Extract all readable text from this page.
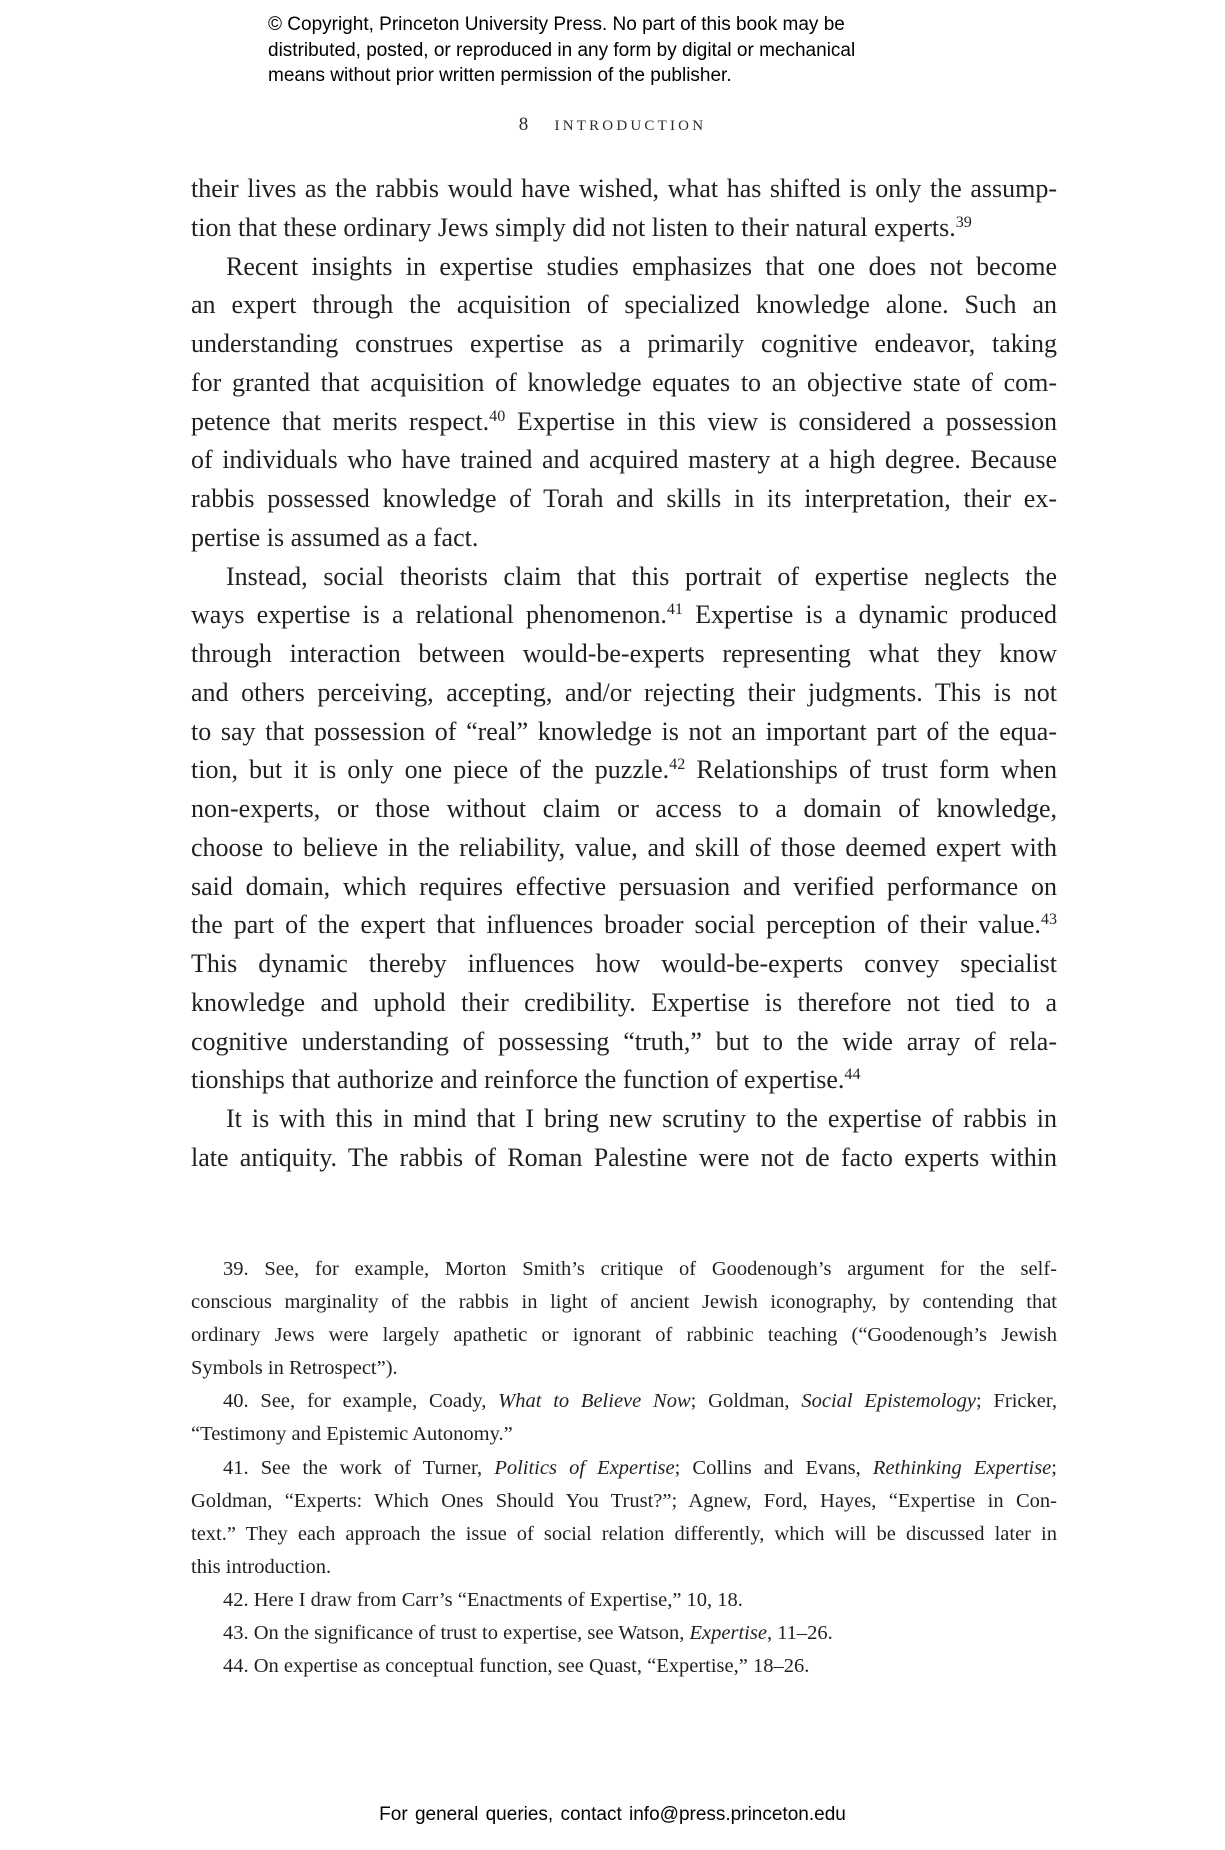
© Copyright, Princeton University Press. No part of this book may be
distributed, posted, or reproduced in any form by digital or mechanical
means without prior written permission of the publisher.
8 INTRODUCTION
their lives as the rabbis would have wished, what has shifted is only the assump-
tion that these ordinary Jews simply did not listen to their natural experts.$^{39}$
Recent insights in expertise studies emphasizes that one does not become
an expert through the acquisition of specialized knowledge alone. Such an
understanding construes expertise as a primarily cognitive endeavor, taking
for granted that acquisition of knowledge equates to an objective state of com-
petence that merits respect.$^{40}$ Expertise in this view is considered a possession
of individuals who have trained and acquired mastery at a high degree. Because
rabbis possessed knowledge of Torah and skills in its interpretation, their ex-
pertise is assumed as a fact.
Instead, social theorists claim that this portrait of expertise neglects the
ways expertise is a relational phenomenon.$^{41}$ Expertise is a dynamic produced
through interaction between would-be-experts representing what they know
and others perceiving, accepting, and/or rejecting their judgments. This is not
to say that possession of “real” knowledge is not an important part of the equa-
tion, but it is only one piece of the puzzle.$^{42}$ Relationships of trust form when
non-experts, or those without claim or access to a domain of knowledge,
choose to believe in the reliability, value, and skill of those deemed expert with
said domain, which requires effective persuasion and verified performance on
the part of the expert that influences broader social perception of their value.$^{43}$
This dynamic thereby influences how would-be-experts convey specialist
knowledge and uphold their credibility. Expertise is therefore not tied to a
cognitive understanding of possessing “truth,” but to the wide array of rela-
tionships that authorize and reinforce the function of expertise.$^{44}$
It is with this in mind that I bring new scrutiny to the expertise of rabbis in
late antiquity. The rabbis of Roman Palestine were not de facto experts within
39. See, for example, Morton Smith’s critique of Goodenough’s argument for the self-
conscious marginality of the rabbis in light of ancient Jewish iconography, by contending that
ordinary Jews were largely apathetic or ignorant of rabbinic teaching (“Goodenough’s Jewish
Symbols in Retrospect”).
40. See, for example, Coady, What to Believe Now; Goldman, Social Epistemology; Fricker,
“Testimony and Epistemic Autonomy.”
41. See the work of Turner, Politics of Expertise; Collins and Evans, Rethinking Expertise;
Goldman, “Experts: Which Ones Should You Trust?”; Agnew, Ford, Hayes, “Expertise in Con-
text.” They each approach the issue of social relation differently, which will be discussed later in
this introduction.
42. Here I draw from Carr’s “Enactments of Expertise,” 10, 18.
43. On the significance of trust to expertise, see Watson, Expertise, 11–26.
44. On expertise as conceptual function, see Quast, “Expertise,” 18–26.
For general queries, contact info@press.princeton.edu
